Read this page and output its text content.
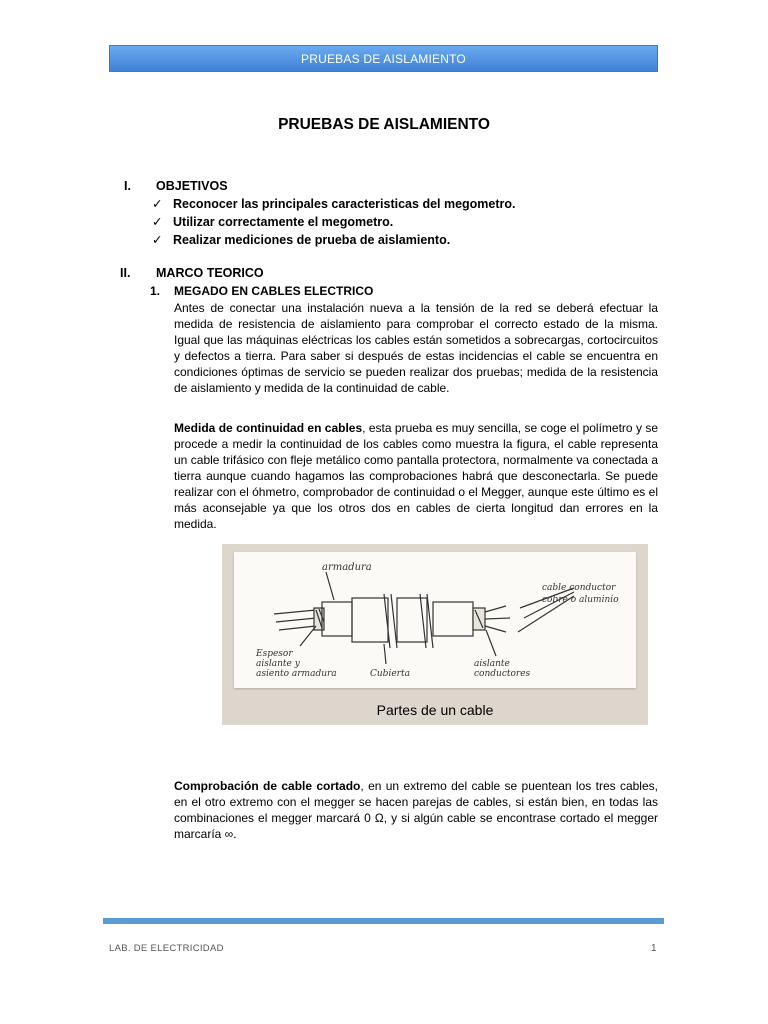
PRUEBAS DE AISLAMIENTO
PRUEBAS DE AISLAMIENTO
I. OBJETIVOS
✓ Reconocer las principales caracteristicas del megometro.
✓ Utilizar correctamente el megometro.
✓ Realizar mediciones de prueba de aislamiento.
II. MARCO TEORICO
1. MEGADO EN CABLES ELECTRICO
Antes de conectar una instalación nueva a la tensión de la red se deberá efectuar la medida de resistencia de aislamiento para comprobar el correcto estado de la misma. Igual que las máquinas eléctricas los cables están sometidos a sobrecargas, cortocircuitos y defectos a tierra. Para saber si después de estas incidencias el cable se encuentra en condiciones óptimas de servicio se pueden realizar dos pruebas; medida de la resistencia de aislamiento y medida de la continuidad de cable.
Medida de continuidad en cables, esta prueba es muy sencilla, se coge el polímetro y se procede a medir la continuidad de los cables como muestra la figura, el cable representa un cable trifásico con fleje metálico como pantalla protectora, normalmente va conectada a tierra aunque cuando hagamos las comprobaciones habrá que desconectarla. Se puede realizar con el óhmetro, comprobador de continuidad o el Megger, aunque este último es el más aconsejable ya que los otros dos en cables de cierta longitud dan errores en la medida.
armadura
cable conductor
cobre o aluminio
Espesor
aislante y
asiento armadura	Cubierta
aislante
conductores
Partes de un cable
Comprobación de cable cortado, en un extremo del cable se puentean los tres cables, en el otro extremo con el megger se hacen parejas de cables, si están bien, en todas las combinaciones el megger marcará 0 Ω, y si algún cable se encontrase cortado el megger marcaría ∞.
LAB. DE ELECTRICIDAD	1
